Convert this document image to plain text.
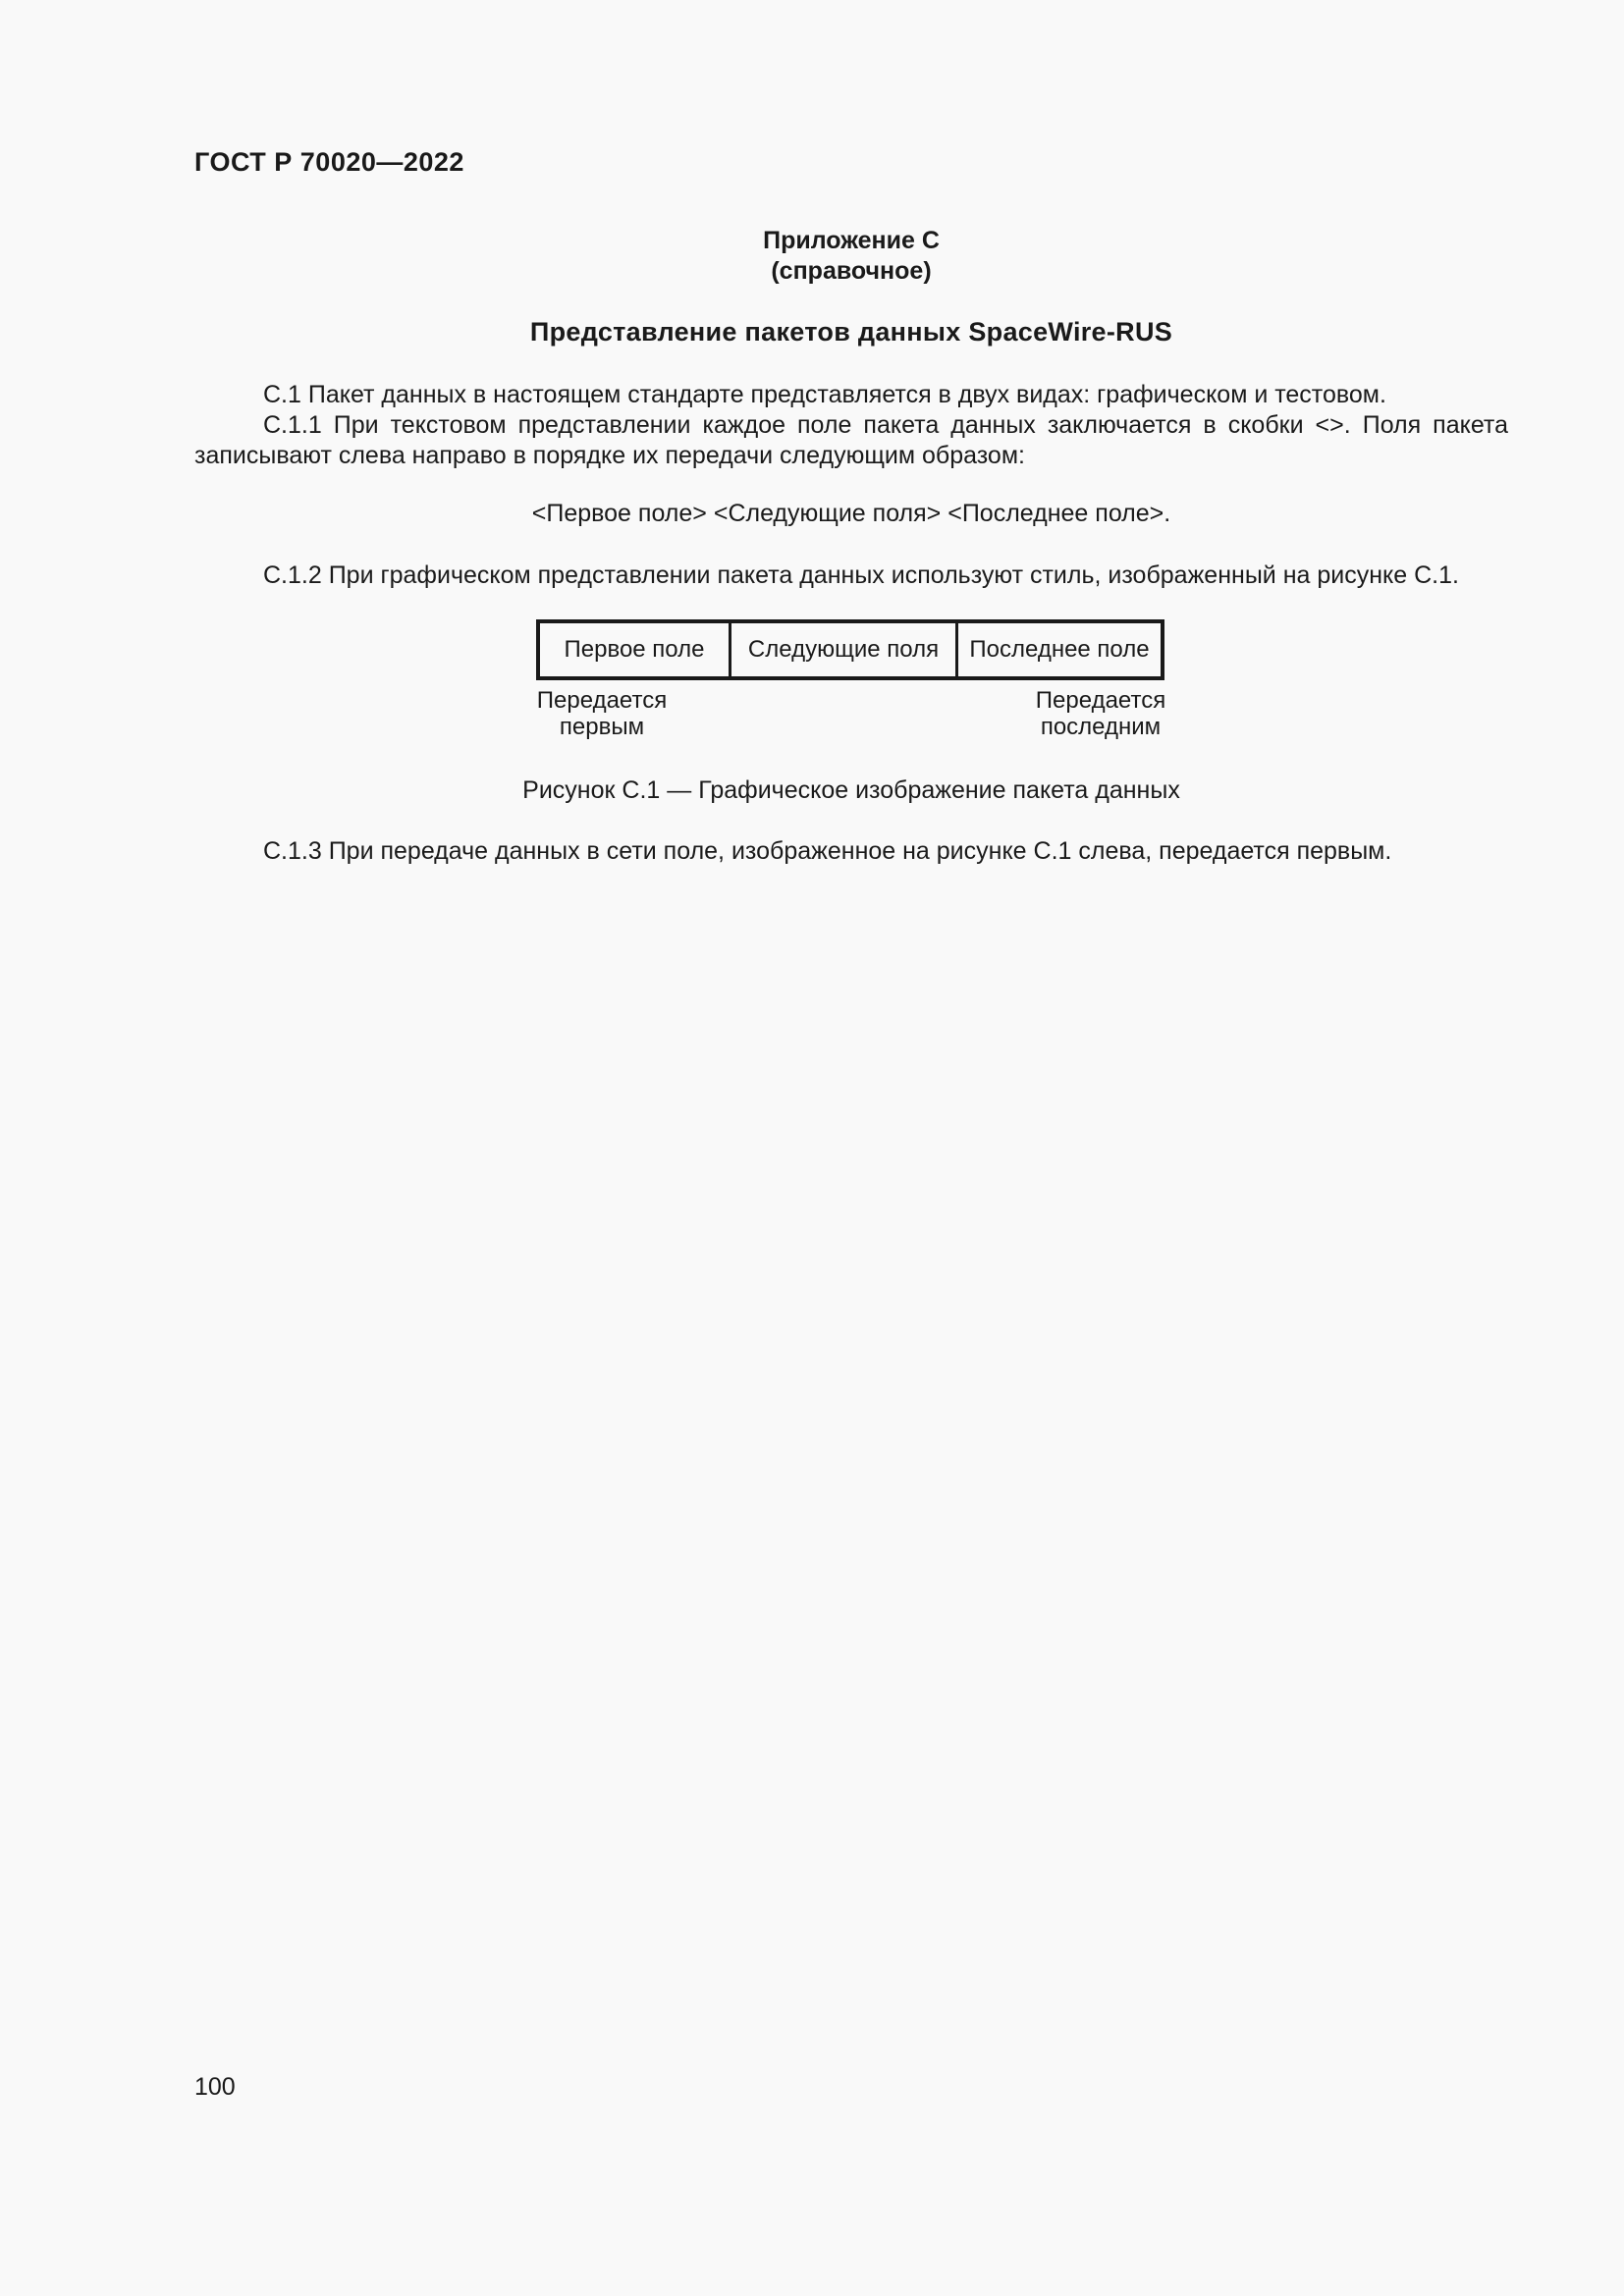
ГОСТ Р 70020—2022
Приложение С
(справочное)
Представление пакетов данных SpaceWire-RUS
С.1 Пакет данных в настоящем стандарте представляется в двух видах: графическом и тестовом.
С.1.1 При текстовом представлении каждое поле пакета данных заключается в скобки <>. Поля пакета записывают слева направо в порядке их передачи следующим образом:
<Первое поле> <Следующие поля> <Последнее поле>.
С.1.2 При графическом представлении пакета данных используют стиль, изображенный на рисунке С.1.
Первое поле	Следующие поля	Последнее поле
Передается
первым
Передается
последним
Рисунок С.1 — Графическое изображение пакета данных
С.1.3 При передаче данных в сети поле, изображенное на рисунке С.1 слева, передается первым.
100
